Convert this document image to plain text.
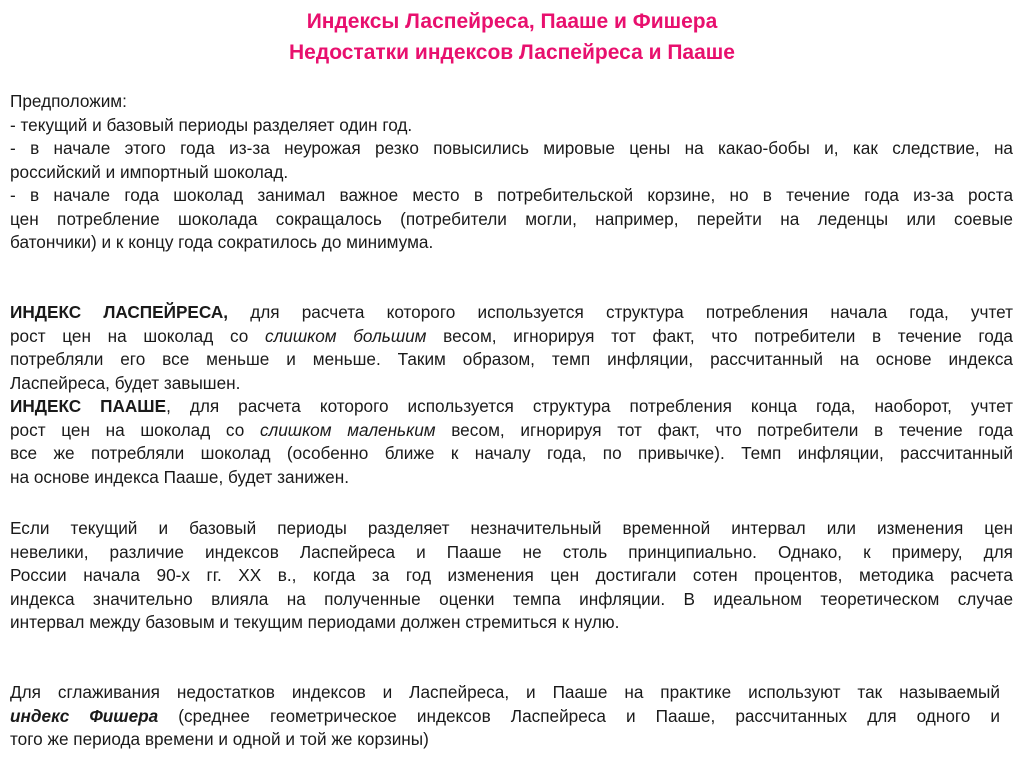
Индексы Ласпейреса, Пааше и Фишера
Недостатки индексов Ласпейреса и Пааше
Предположим:
- текущий и базовый периоды разделяет один год.
- в начале этого года из-за неурожая резко повысились мировые цены на какао-бобы и, как следствие, на
российский и импортный шоколад.
- в начале года шоколад занимал важное место в потребительской корзине, но в течение года из-за роста
цен потребление шоколада сокращалось (потребители могли, например, перейти на леденцы или соевые
батончики) и к концу года сократилось до минимума.
ИНДЕКС ЛАСПЕЙРЕСА, для расчета которого используется структура потребления начала года, учтет
рост цен на шоколад со слишком большим весом, игнорируя тот факт, что потребители в течение года
потребляли его все меньше и меньше. Таким образом, темп инфляции, рассчитанный на основе индекса
Ласпейреса, будет завышен.
ИНДЕКС ПААШЕ, для расчета которого используется структура потребления конца года, наоборот, учтет
рост цен на шоколад со слишком маленьким весом, игнорируя тот факт, что потребители в течение года
все же потребляли шоколад (особенно ближе к началу года, по привычке). Темп инфляции, рассчитанный
на основе индекса Пааше, будет занижен.
Если текущий и базовый периоды разделяет незначительный временной интервал или изменения цен
невелики, различие индексов Ласпейреса и Пааше не столь принципиально. Однако, к примеру, для
России начала 90-х гг. XX в., когда за год изменения цен достигали сотен процентов, методика расчета
индекса значительно влияла на полученные оценки темпа инфляции. В идеальном теоретическом случае
интервал между базовым и текущим периодами должен стремиться к нулю.
Для сглаживания недостатков индексов и Ласпейреса, и Пааше на практике используют так называемый
индекс Фишера (среднее геометрическое индексов Ласпейреса и Пааше, рассчитанных для одного и
того же периода времени и одной и той же корзины)
